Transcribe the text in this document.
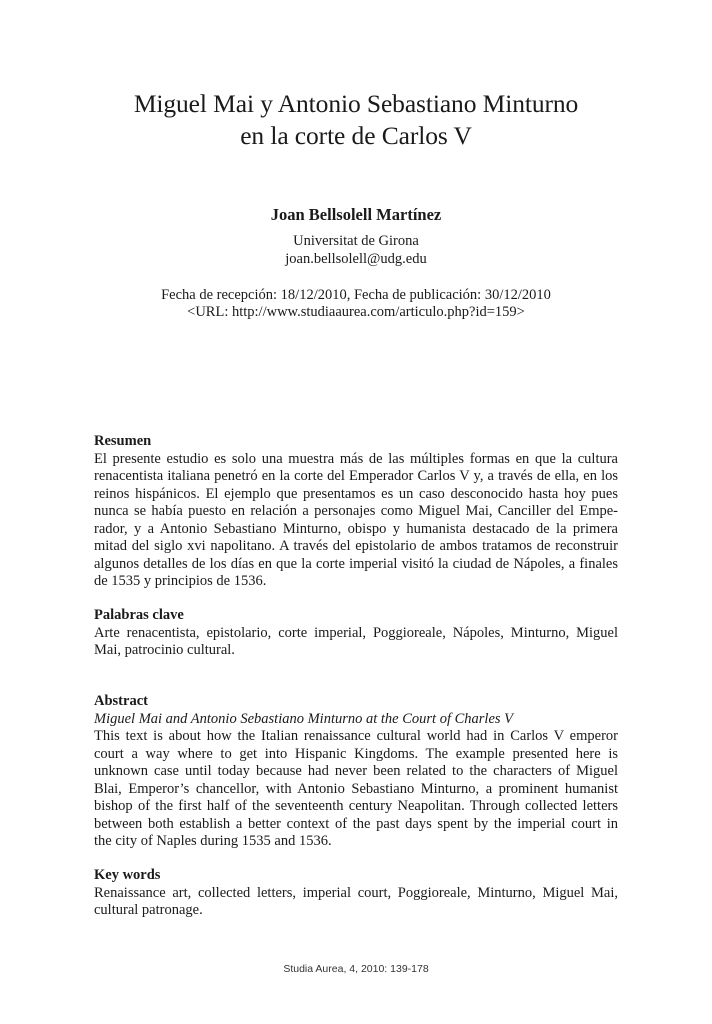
Miguel Mai y Antonio Sebastiano Minturno
en la corte de Carlos V
Joan Bellsolell Martínez
Universitat de Girona
joan.bellsolell@udg.edu
Fecha de recepción: 18/12/2010, Fecha de publicación: 30/12/2010
<URL: http://www.studiaaurea.com/articulo.php?id=159>
Resumen
El presente estudio es solo una muestra más de las múltiples formas en que la cultura
renacentista italiana penetró en la corte del Emperador Carlos V y, a través de ella, en los
reinos hispánicos. El ejemplo que presentamos es un caso desconocido hasta hoy pues
nunca se había puesto en relación a personajes como Miguel Mai, Canciller del Empe-
rador, y a Antonio Sebastiano Minturno, obispo y humanista destacado de la primera
mitad del siglo xvi napolitano. A través del epistolario de ambos tratamos de reconstruir
algunos detalles de los días en que la corte imperial visitó la ciudad de Nápoles, a finales
de 1535 y principios de 1536.
Palabras clave
Arte renacentista, epistolario, corte imperial, Poggioreale, Nápoles, Minturno, Miguel
Mai, patrocinio cultural.
Abstract
Miguel Mai and Antonio Sebastiano Minturno at the Court of Charles V
This text is about how the Italian renaissance cultural world had in Carlos V emperor
court a way where to get into Hispanic Kingdoms. The example presented here is
unknown case until today because had never been related to the characters of Miguel
Blai, Emperor’s chancellor, with Antonio Sebastiano Minturno, a prominent humanist
bishop of the first half of the seventeenth century Neapolitan. Through collected letters
between both establish a better context of the past days spent by the imperial court in
the city of Naples during 1535 and 1536.
Key words
Renaissance art, collected letters, imperial court, Poggioreale, Minturno, Miguel Mai,
cultural patronage.
Studia Aurea, 4, 2010: 139-178
